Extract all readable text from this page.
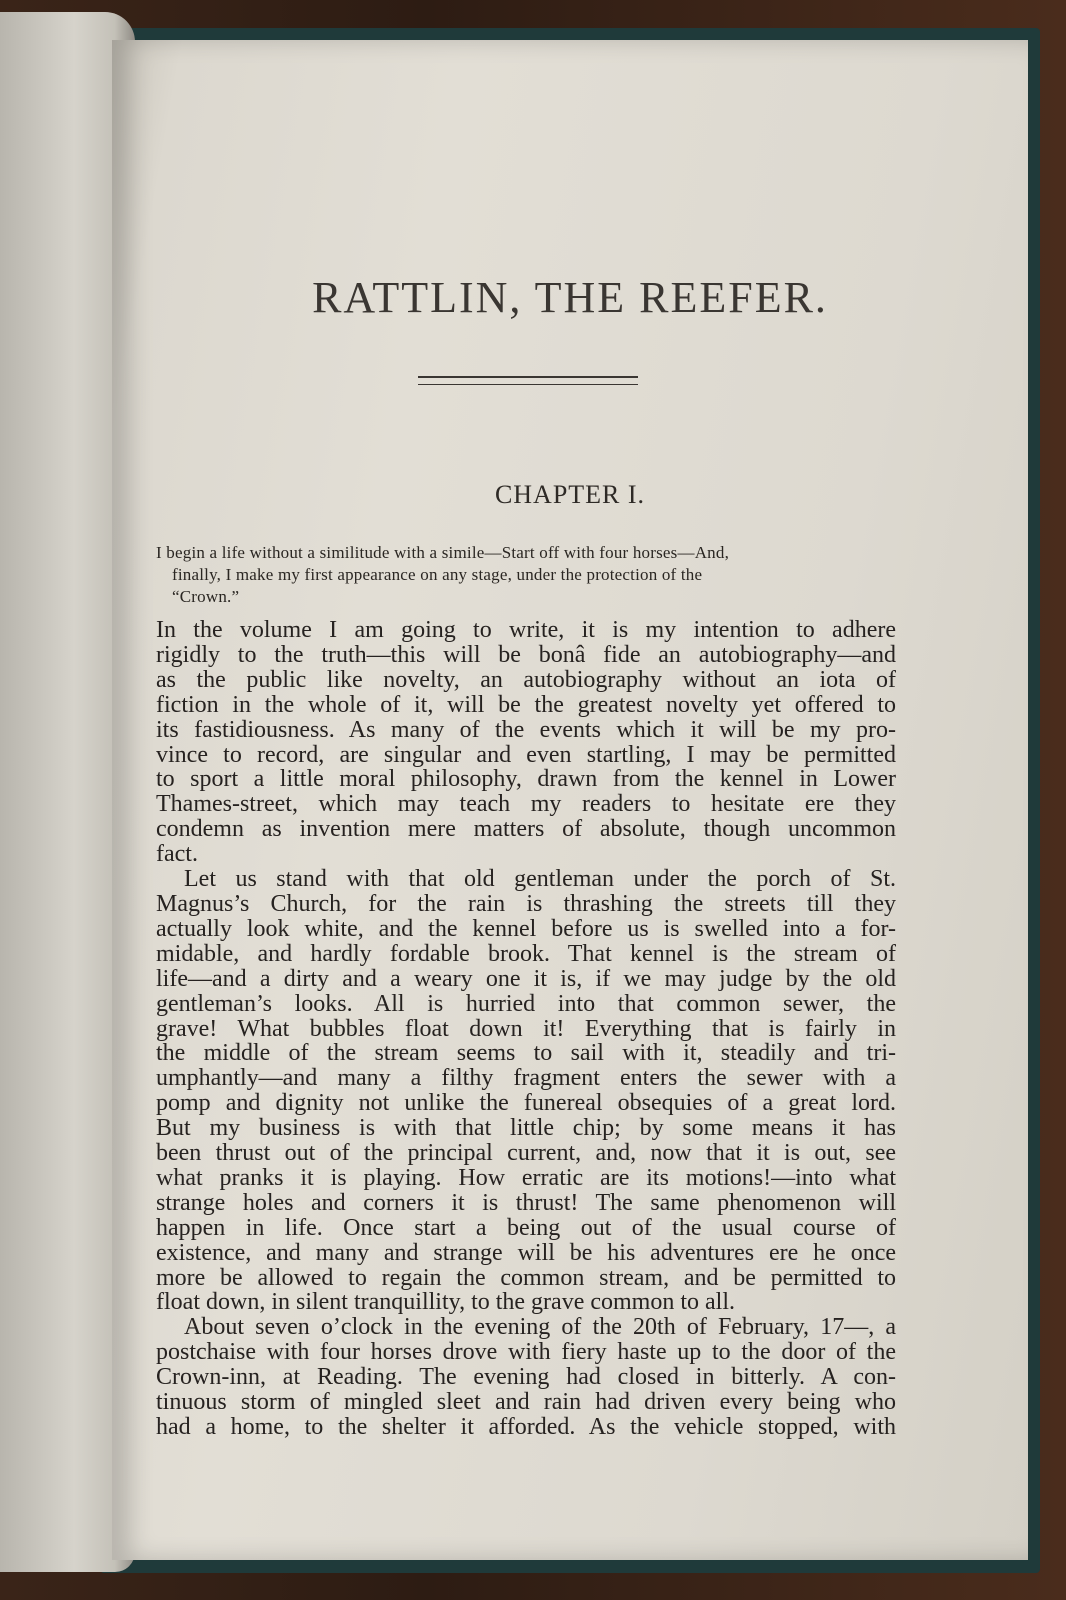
RATTLIN, THE REEFER.
CHAPTER I.
I begin a life without a similitude with a simile—Start off with four horses—And,
finally, I make my first appearance on any stage, under the protection of the
“Crown.”
In the volume I am going to write, it is my intention to adhere
rigidly to the truth—this will be bonâ fide an autobiography—and
as the public like novelty, an autobiography without an iota of
fiction in the whole of it, will be the greatest novelty yet offered to
its fastidiousness. As many of the events which it will be my pro-
vince to record, are singular and even startling, I may be permitted
to sport a little moral philosophy, drawn from the kennel in Lower
Thames-street, which may teach my readers to hesitate ere they
condemn as invention mere matters of absolute, though uncommon
fact.
Let us stand with that old gentleman under the porch of St.
Magnus’s Church, for the rain is thrashing the streets till they
actually look white, and the kennel before us is swelled into a for-
midable, and hardly fordable brook. That kennel is the stream of
life—and a dirty and a weary one it is, if we may judge by the old
gentleman’s looks. All is hurried into that common sewer, the
grave! What bubbles float down it! Everything that is fairly in
the middle of the stream seems to sail with it, steadily and tri-
umphantly—and many a filthy fragment enters the sewer with a
pomp and dignity not unlike the funereal obsequies of a great lord.
But my business is with that little chip; by some means it has
been thrust out of the principal current, and, now that it is out, see
what pranks it is playing. How erratic are its motions!—into what
strange holes and corners it is thrust! The same phenomenon will
happen in life. Once start a being out of the usual course of
existence, and many and strange will be his adventures ere he once
more be allowed to regain the common stream, and be permitted to
float down, in silent tranquillity, to the grave common to all.
About seven o’clock in the evening of the 20th of February, 17—, a
postchaise with four horses drove with fiery haste up to the door of the
Crown-inn, at Reading. The evening had closed in bitterly. A con-
tinuous storm of mingled sleet and rain had driven every being who
had a home, to the shelter it afforded. As the vehicle stopped, with
